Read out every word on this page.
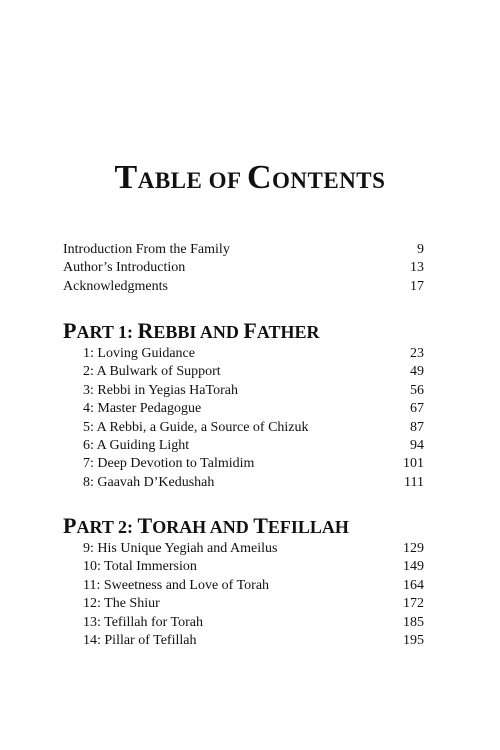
TABLE OF CONTENTS
Introduction From the Family	9
Author’s Introduction	13
Acknowledgments	17
PART 1: REBBI AND FATHER
1: Loving Guidance	23
2: A Bulwark of Support	49
3: Rebbi in Yegias HaTorah	56
4: Master Pedagogue	67
5: A Rebbi, a Guide, a Source of Chizuk	87
6: A Guiding Light	94
7: Deep Devotion to Talmidim	101
8: Gaavah D’Kedushah	111
PART 2: TORAH AND TEFILLAH
9: His Unique Yegiah and Ameilus	129
10: Total Immersion	149
11: Sweetness and Love of Torah	164
12: The Shiur	172
13: Tefillah for Torah	185
14: Pillar of Tefillah	195
